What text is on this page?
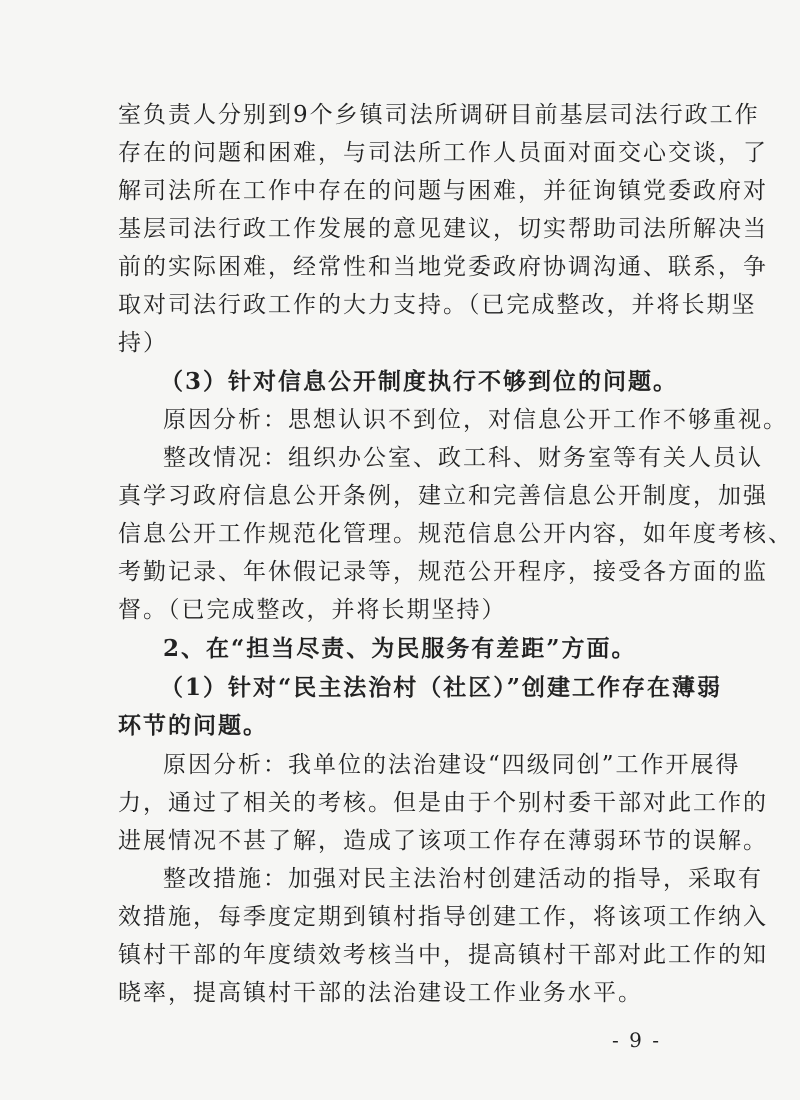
室负责人分别到9个乡镇司法所调研目前基层司法行政工作
存在的问题和困难，与司法所工作人员面对面交心交谈，了
解司法所在工作中存在的问题与困难，并征询镇党委政府对
基层司法行政工作发展的意见建议，切实帮助司法所解决当
前的实际困难，经常性和当地党委政府协调沟通、联系，争
取对司法行政工作的大力支持。（已完成整改，并将长期坚
持）
（3）针对信息公开制度执行不够到位的问题。
原因分析：思想认识不到位，对信息公开工作不够重视。
整改情况：组织办公室、政工科、财务室等有关人员认
真学习政府信息公开条例，建立和完善信息公开制度，加强
信息公开工作规范化管理。规范信息公开内容，如年度考核、
考勤记录、年休假记录等，规范公开程序，接受各方面的监
督。（已完成整改，并将长期坚持）
2、在“担当尽责、为民服务有差距”方面。
（1）针对“民主法治村（社区）”创建工作存在薄弱
环节的问题。
原因分析：我单位的法治建设“四级同创”工作开展得
力，通过了相关的考核。但是由于个别村委干部对此工作的
进展情况不甚了解，造成了该项工作存在薄弱环节的误解。
整改措施：加强对民主法治村创建活动的指导，采取有
效措施，每季度定期到镇村指导创建工作，将该项工作纳入
镇村干部的年度绩效考核当中，提高镇村干部对此工作的知
晓率，提高镇村干部的法治建设工作业务水平。
- 9 -
